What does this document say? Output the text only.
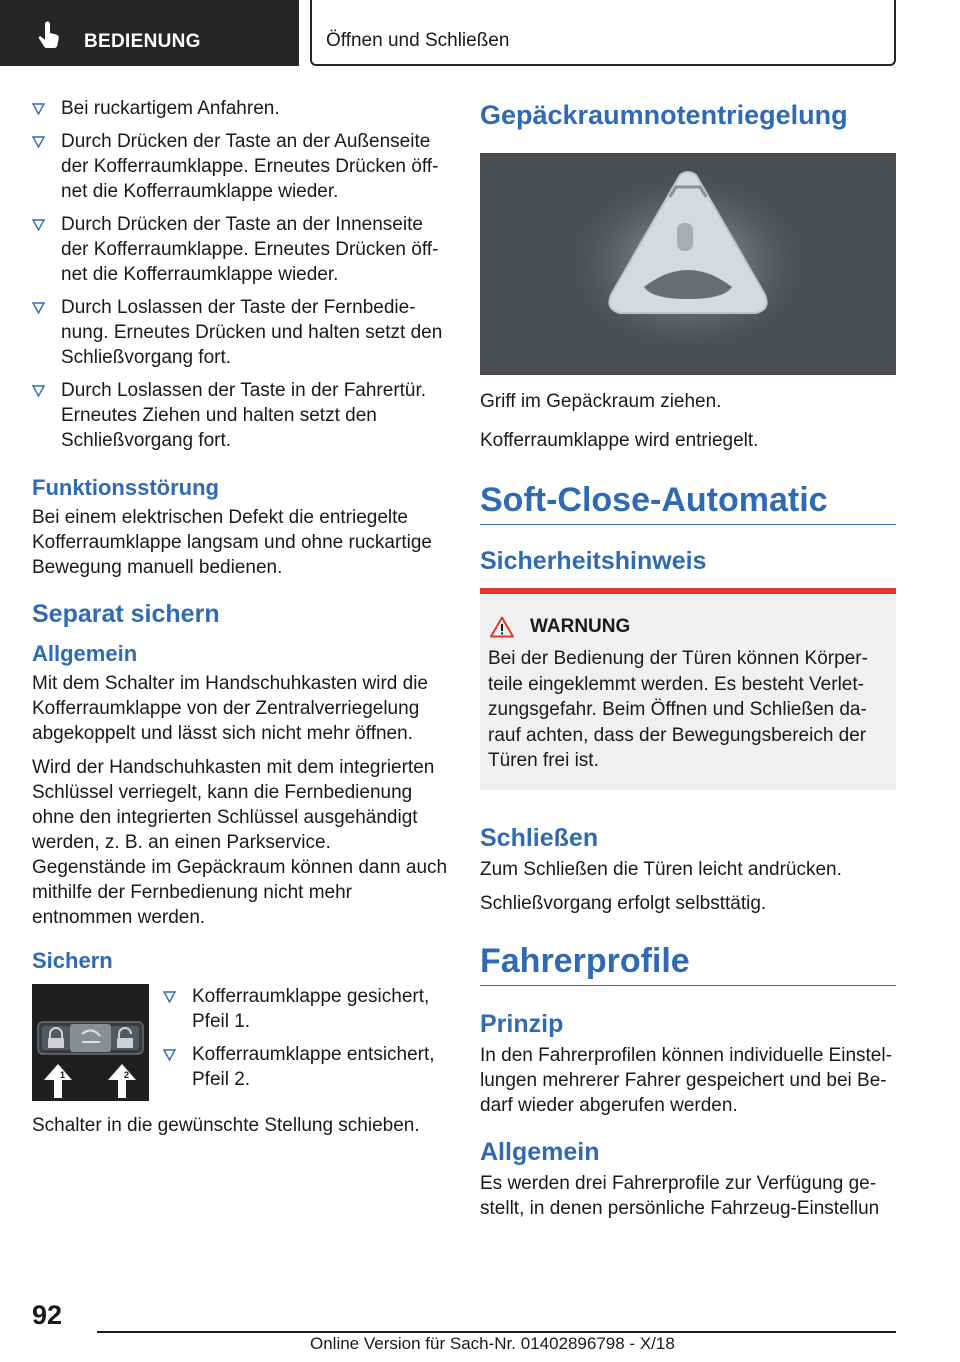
BEDIENUNG	Öffnen und Schließen
Bei ruckartigem Anfahren.
Durch Drücken der Taste an der Außenseite der Kofferraumklappe. Erneutes Drücken öffnet die Kofferraumklappe wieder.
Durch Drücken der Taste an der Innenseite der Kofferraumklappe. Erneutes Drücken öffnet die Kofferraumklappe wieder.
Durch Loslassen der Taste der Fernbedienung. Erneutes Drücken und halten setzt den Schließvorgang fort.
Durch Loslassen der Taste in der Fahrertür. Erneutes Ziehen und halten setzt den Schließvorgang fort.
Funktionsstörung

Bei einem elektrischen Defekt die entriegelte Kofferraumklappe langsam und ohne ruckartige Bewegung manuell bedienen.

Separat sichern
Allgemein

Mit dem Schalter im Handschuhkasten wird die Kofferraumklappe von der Zentralverriegelung abgekoppelt und lässt sich nicht mehr öffnen.

Wird der Handschuhkasten mit dem integrierten Schlüssel verriegelt, kann die Fernbedienung ohne den integrierten Schlüssel ausgehändigt werden, z. B. an einen Parkservice. Gegenstände im Gepäckraum können dann auch mithilfe der Fernbedienung nicht mehr entnommen werden.

Sichern
1	2
Kofferraumklappe gesichert, Pfeil 1.
Kofferraumklappe entsichert, Pfeil 2.

Schalter in die gewünschte Stellung schieben.

Gepäckraumnotentriegelung

Griff im Gepäckraum ziehen.

Kofferraumklappe wird entriegelt.

Soft-Close-Automatic
Sicherheitshinweis
WARNUNG

Bei der Bedienung der Türen können Körperteile eingeklemmt werden. Es besteht Verletzungsgefahr. Beim Öffnen und Schließen darauf achten, dass der Bewegungsbereich der Türen frei ist.

Schließen

Zum Schließen die Türen leicht andrücken.

Schließvorgang erfolgt selbsttätig.

Fahrerprofile
Prinzip

In den Fahrerprofilen können individuelle Einstellungen mehrerer Fahrer gespeichert und bei Bedarf wieder abgerufen werden.

Allgemein

Es werden drei Fahrerprofile zur Verfügung gestellt, in denen persönliche Fahrzeug-Einstellun

92
Online Version für Sach-Nr. 01402896798 - X/18
